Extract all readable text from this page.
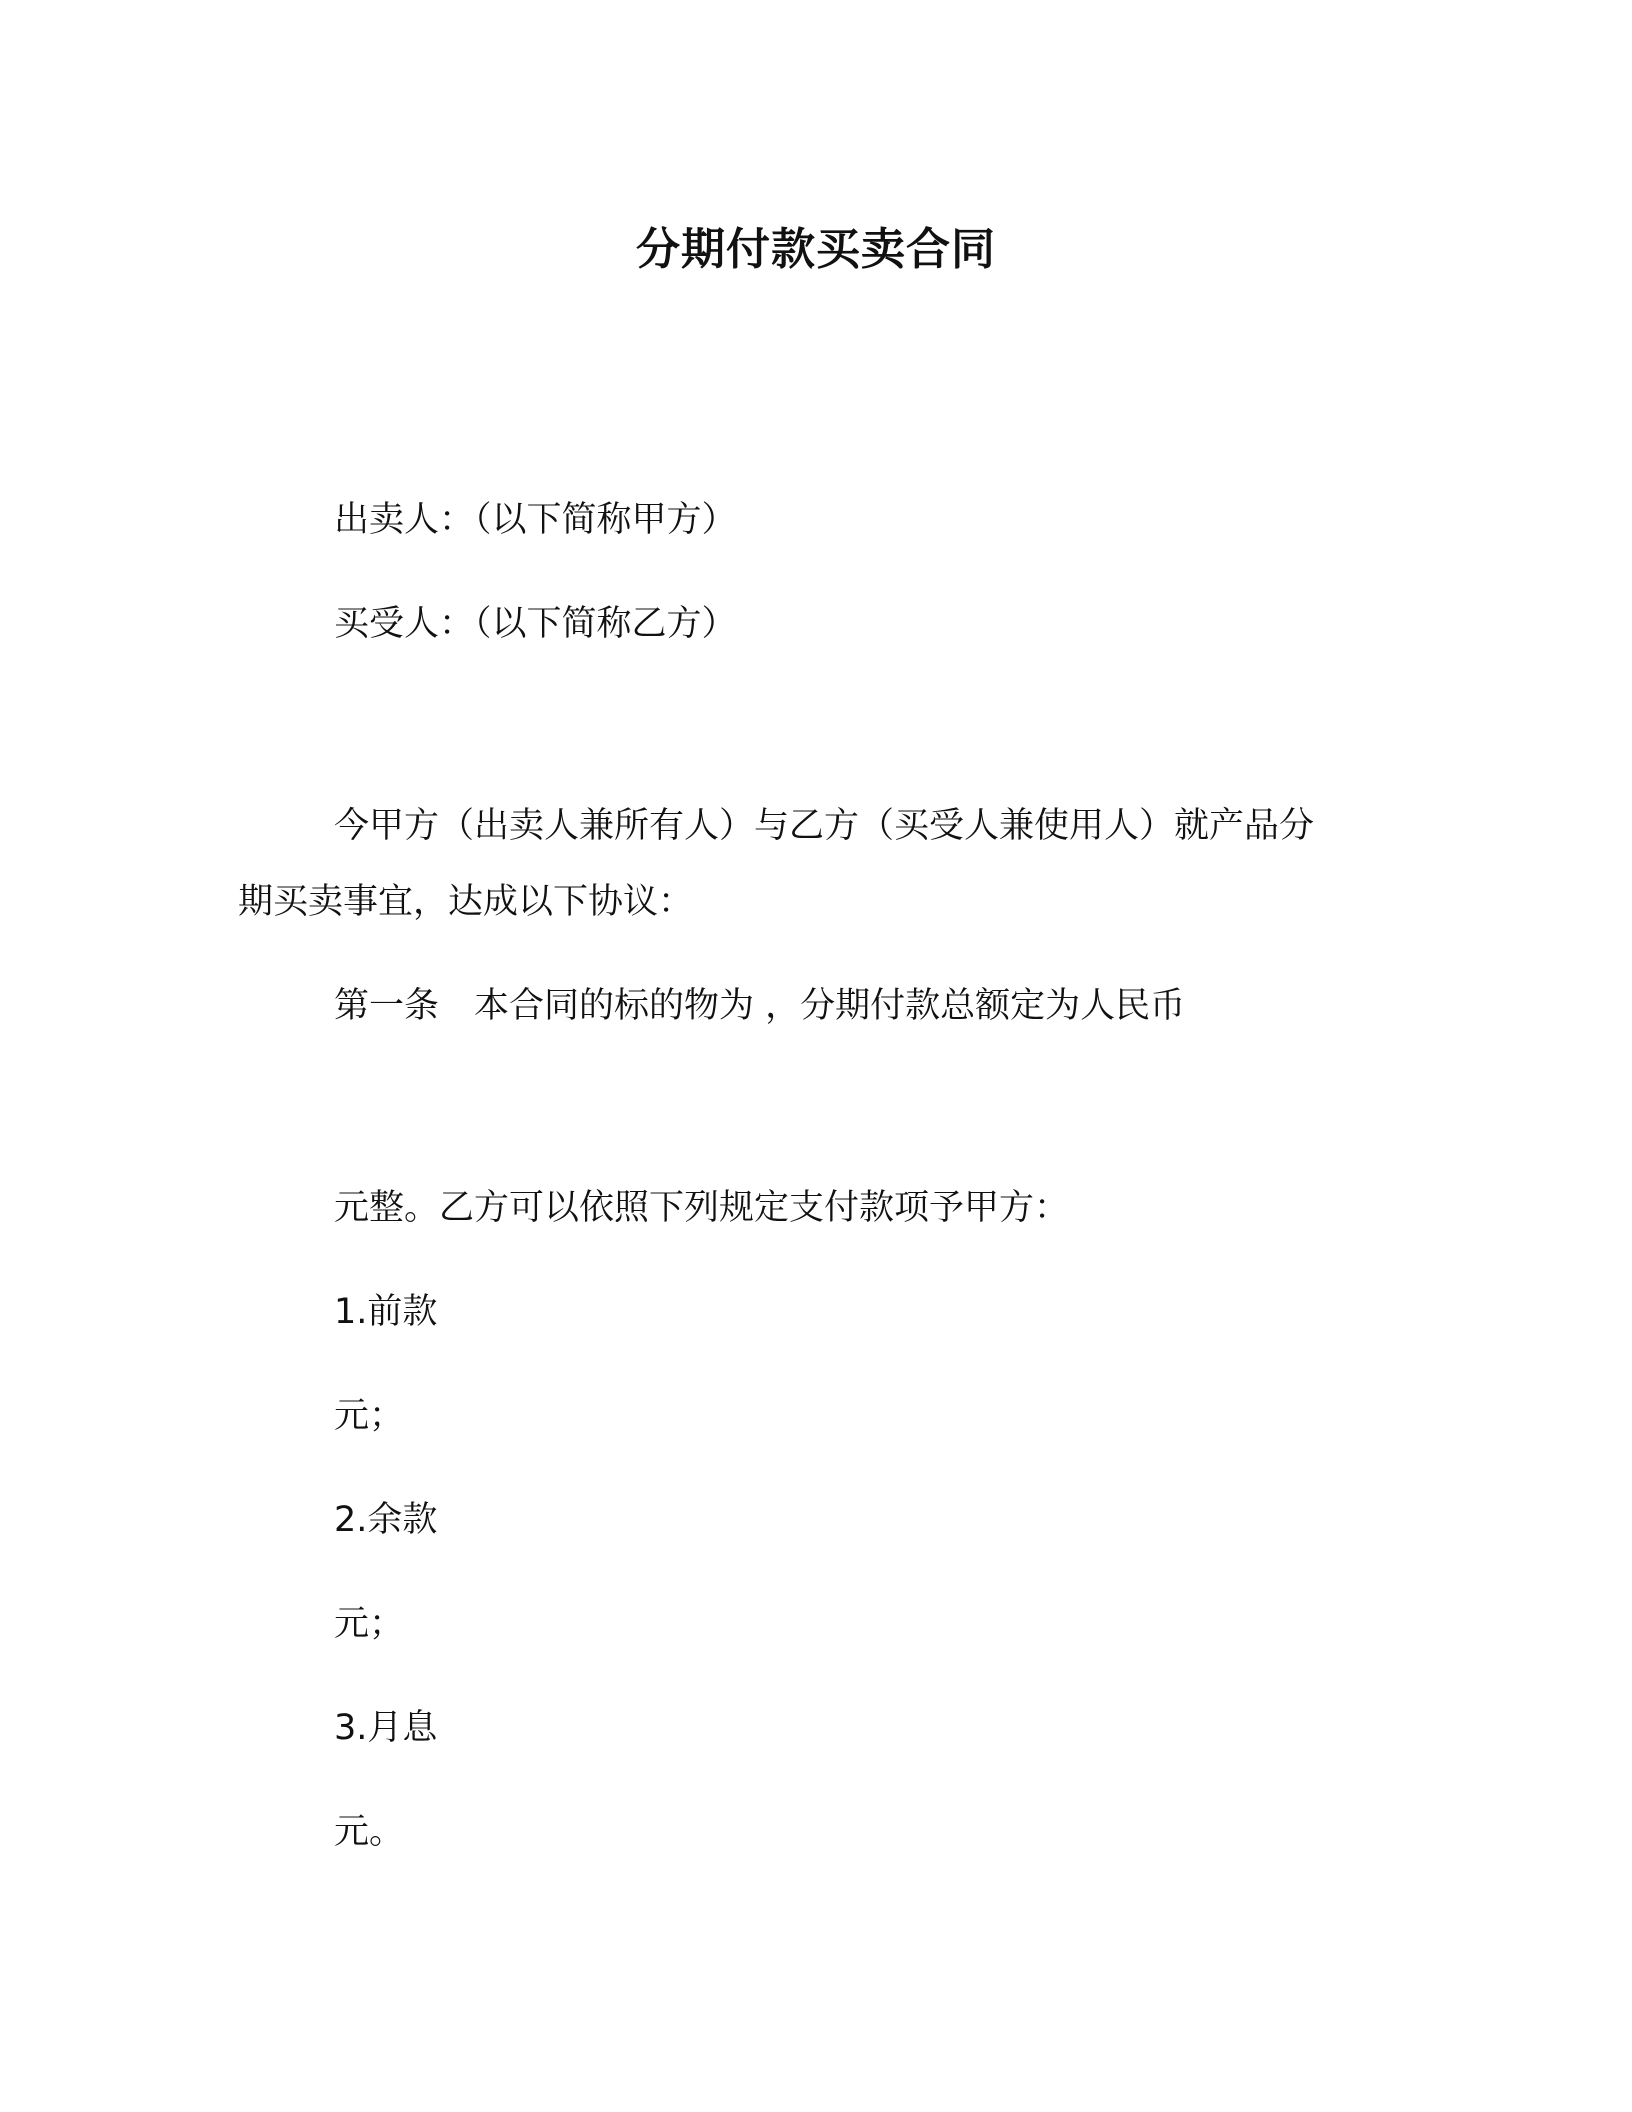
分期付款买卖合同
出卖人：（以下简称甲方）
买受人：（以下简称乙方）
今甲方（出卖人兼所有人）与乙方（买受人兼使用人）就产品分
期买卖事宜，达成以下协议：
第一条　本合同的标的物为 ，分期付款总额定为人民币
元整。乙方可以依照下列规定支付款项予甲方：
1.前款
元；
2.余款
元；
3.月息
元。
